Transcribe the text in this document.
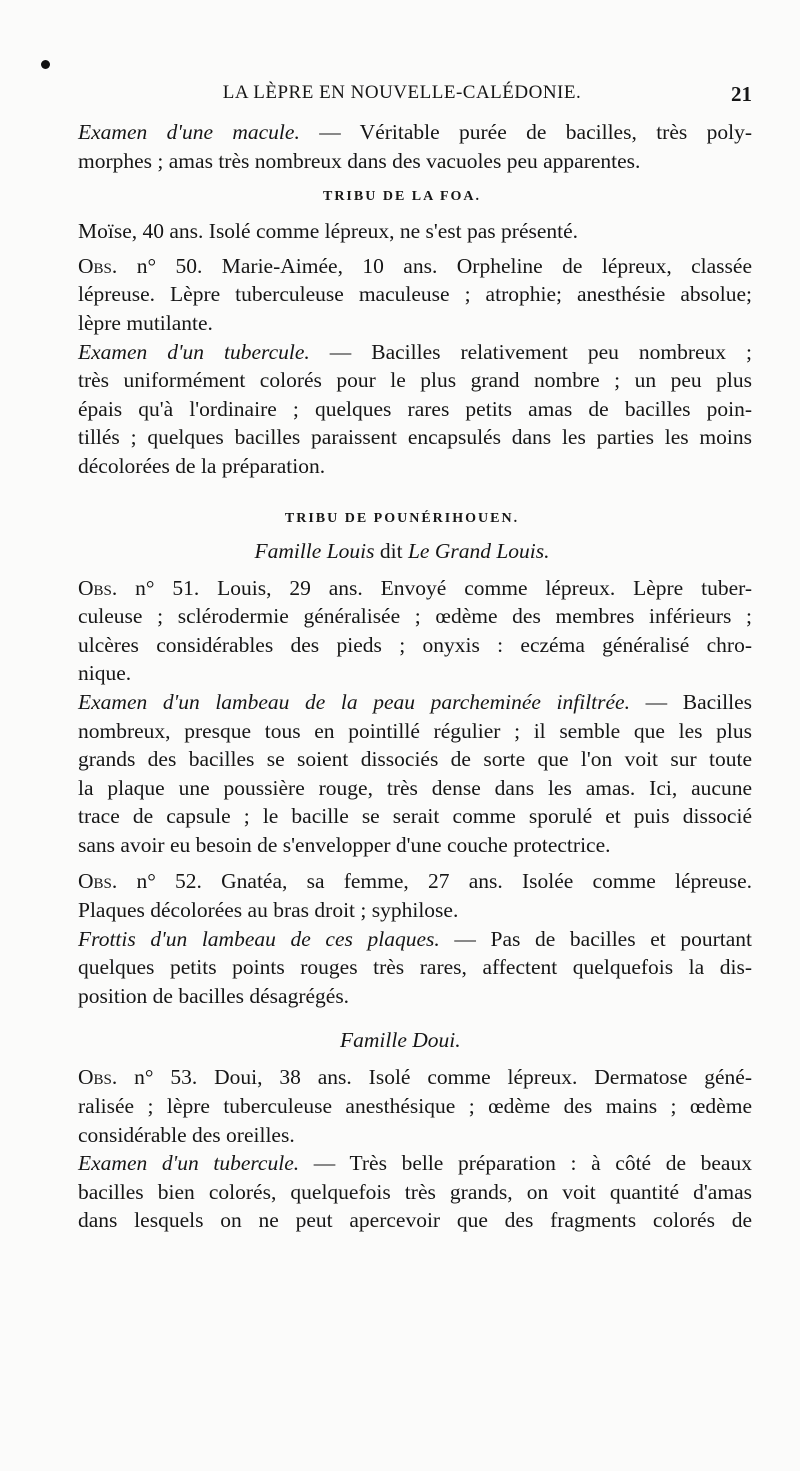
LA LÈPRE EN NOUVELLE-CALÉDONIE.	21

Examen d'une macule. — Véritable purée de bacilles, très poly-
morphes ; amas très nombreux dans des vacuoles peu apparentes.

TRIBU DE LA FOA.

Moïse, 40 ans. Isolé comme lépreux, ne s'est pas présenté.

Obs. n° 50. Marie-Aimée, 10 ans. Orpheline de lépreux, classée
lépreuse. Lèpre tuberculeuse maculeuse ; atrophie; anesthésie absolue;
lèpre mutilante.

Examen d'un tubercule. — Bacilles relativement peu nombreux ;
très uniformément colorés pour le plus grand nombre ; un peu plus
épais qu'à l'ordinaire ; quelques rares petits amas de bacilles poin-
tillés ; quelques bacilles paraissent encapsulés dans les parties les moins
décolorées de la préparation.

TRIBU DE POUNÉRIHOUEN.
Famille Louis dit Le Grand Louis.

Obs. n° 51. Louis, 29 ans. Envoyé comme lépreux. Lèpre tuber-
culeuse ; sclérodermie généralisée ; œdème des membres inférieurs ;
ulcères considérables des pieds ; onyxis : eczéma généralisé chro-
nique.

Examen d'un lambeau de la peau parcheminée infiltrée. — Bacilles
nombreux, presque tous en pointillé régulier ; il semble que les plus
grands des bacilles se soient dissociés de sorte que l'on voit sur toute
la plaque une poussière rouge, très dense dans les amas. Ici, aucune
trace de capsule ; le bacille se serait comme sporulé et puis dissocié
sans avoir eu besoin de s'envelopper d'une couche protectrice.

Obs. n° 52. Gnatéa, sa femme, 27 ans. Isolée comme lépreuse.
Plaques décolorées au bras droit ; syphilose.

Frottis d'un lambeau de ces plaques. — Pas de bacilles et pourtant
quelques petits points rouges très rares, affectent quelquefois la dis-
position de bacilles désagrégés.

Famille Doui.

Obs. n° 53. Doui, 38 ans. Isolé comme lépreux. Dermatose géné-
ralisée ; lèpre tuberculeuse anesthésique ; œdème des mains ; œdème
considérable des oreilles.

Examen d'un tubercule. — Très belle préparation : à côté de beaux
bacilles bien colorés, quelquefois très grands, on voit quantité d'amas
dans lesquels on ne peut apercevoir que des fragments colorés de
